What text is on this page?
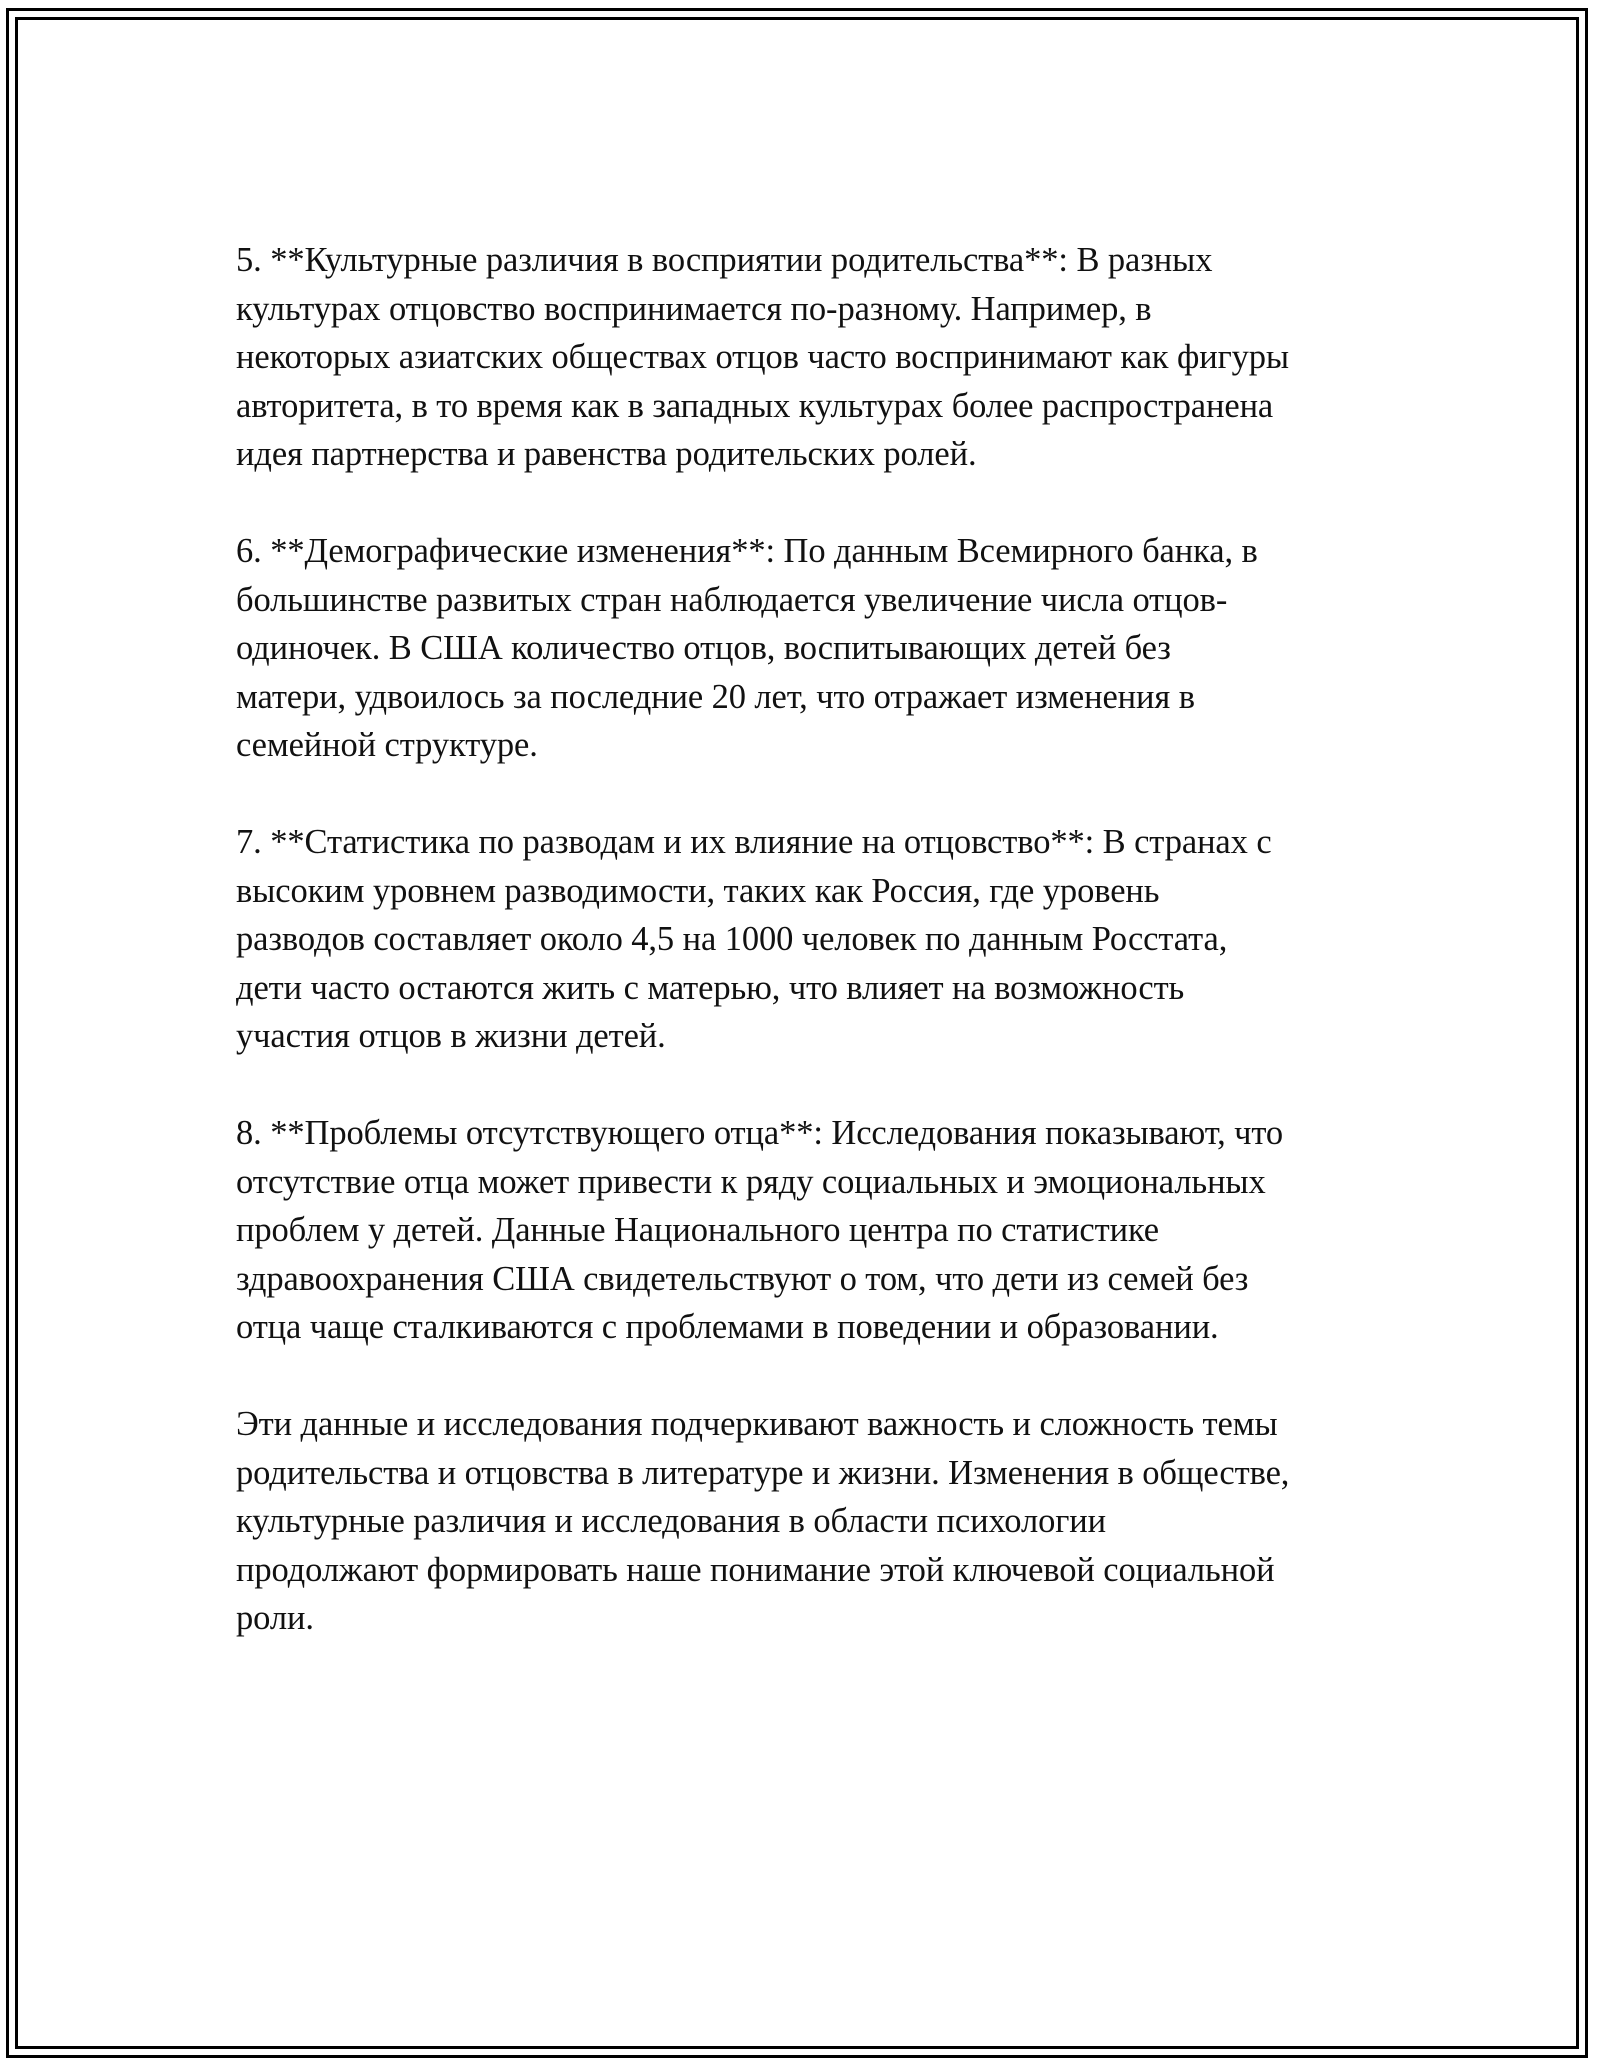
5. **Культурные различия в восприятии родительства**: В разных
культурах отцовство воспринимается по-разному. Например, в
некоторых азиатских обществах отцов часто воспринимают как фигуры
авторитета, в то время как в западных культурах более распространена
идея партнерства и равенства родительских ролей.

6. **Демографические изменения**: По данным Всемирного банка, в
большинстве развитых стран наблюдается увеличение числа отцов-
одиночек. В США количество отцов, воспитывающих детей без
матери, удвоилось за последние 20 лет, что отражает изменения в
семейной структуре.

7. **Статистика по разводам и их влияние на отцовство**: В странах с
высоким уровнем разводимости, таких как Россия, где уровень
разводов составляет около 4,5 на 1000 человек по данным Росстата,
дети часто остаются жить с матерью, что влияет на возможность
участия отцов в жизни детей.

8. **Проблемы отсутствующего отца**: Исследования показывают, что
отсутствие отца может привести к ряду социальных и эмоциональных
проблем у детей. Данные Национального центра по статистике
здравоохранения США свидетельствуют о том, что дети из семей без
отца чаще сталкиваются с проблемами в поведении и образовании.

Эти данные и исследования подчеркивают важность и сложность темы
родительства и отцовства в литературе и жизни. Изменения в обществе,
культурные различия и исследования в области психологии
продолжают формировать наше понимание этой ключевой социальной
роли.
